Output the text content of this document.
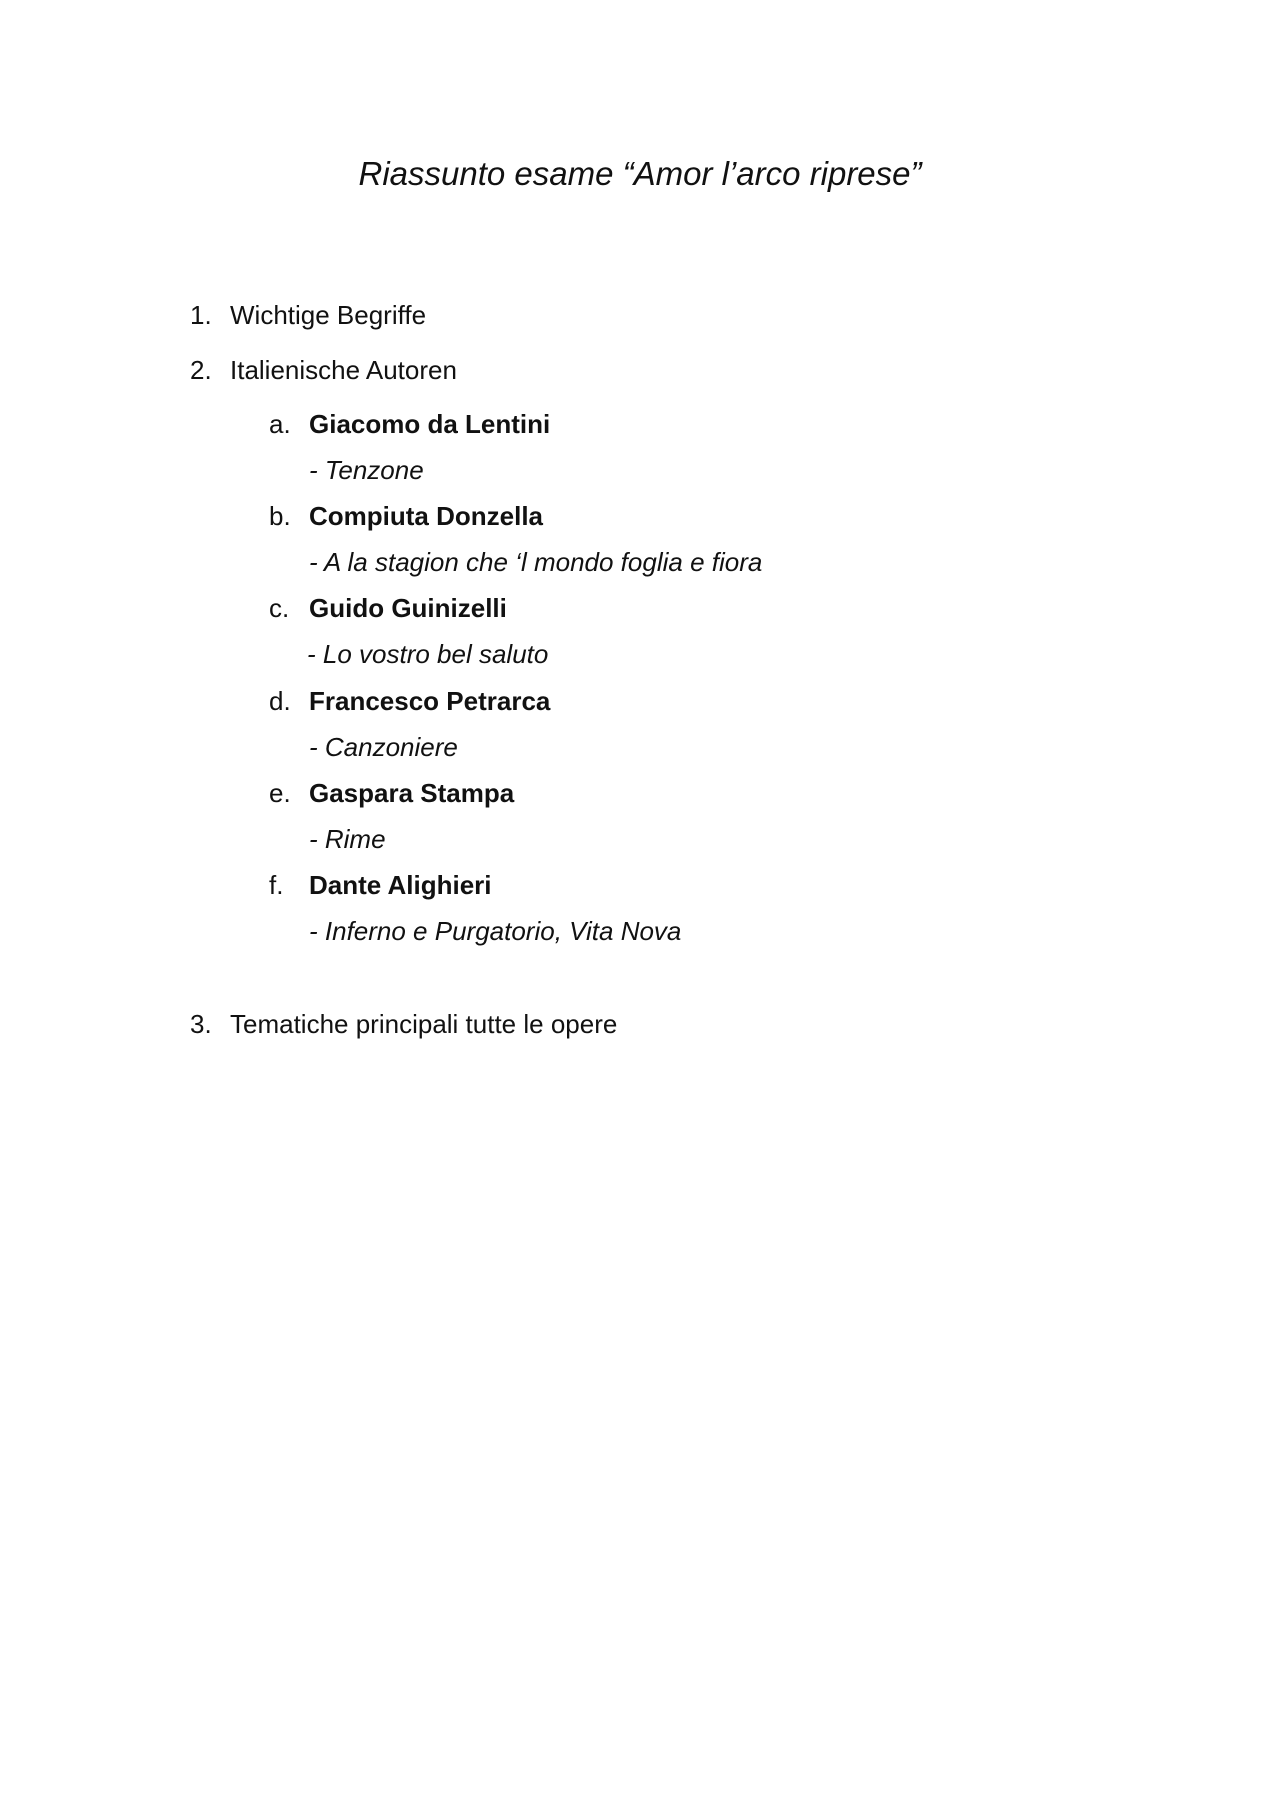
Riassunto esame “Amor l’arco riprese”
1. Wichtige Begriffe
2. Italienische Autoren
a. Giacomo da Lentini
- Tenzone
b. Compiuta Donzella
- A la stagion che ‘l mondo foglia e fiora
c. Guido Guinizelli
- Lo vostro bel saluto
d. Francesco Petrarca
- Canzoniere
e. Gaspara Stampa
- Rime
f. Dante Alighieri
- Inferno e Purgatorio, Vita Nova
3. Tematiche principali tutte le opere
